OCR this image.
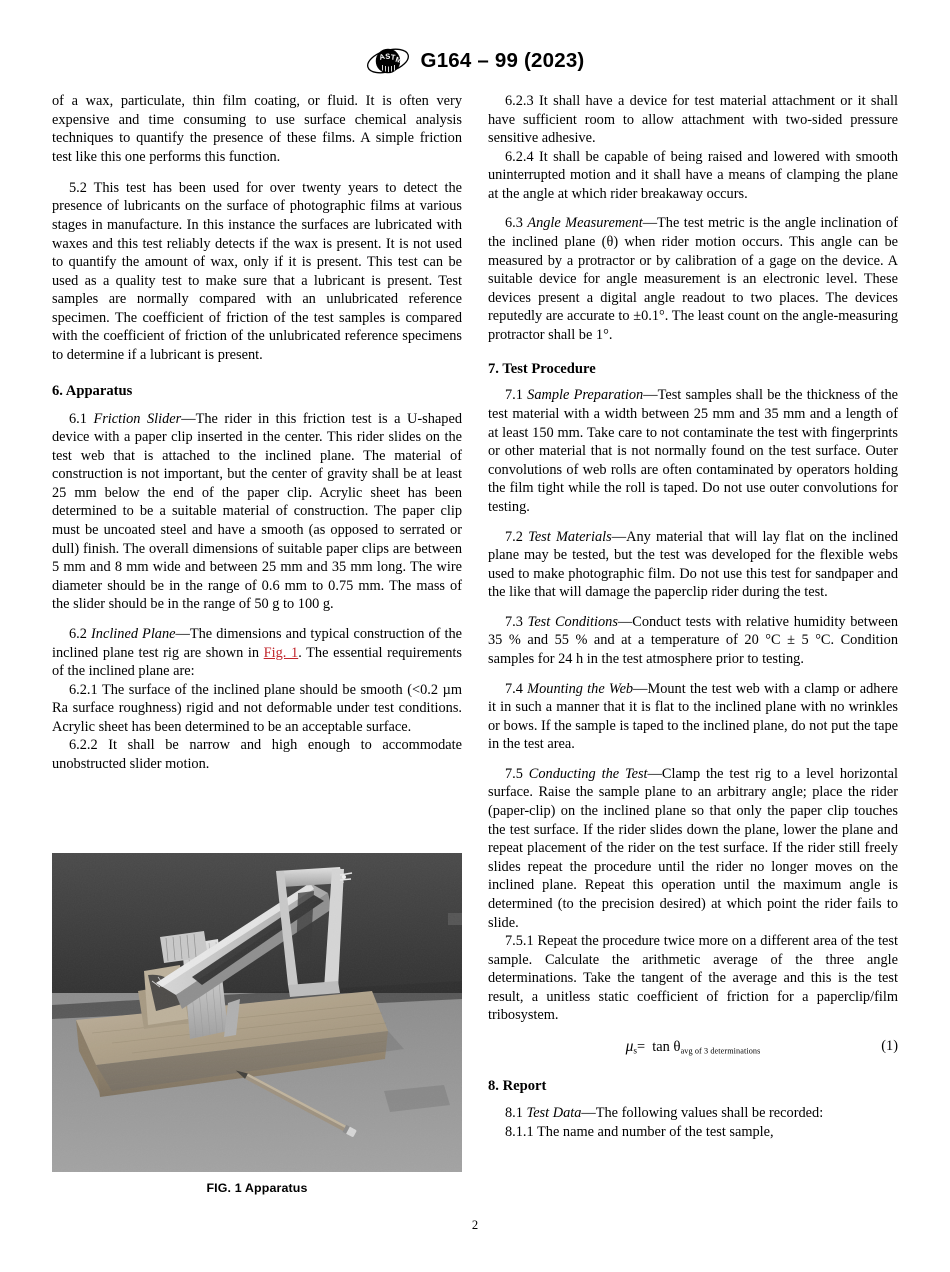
A S T
M G164 – 99 (2023)

of a wax, particulate, thin film coating, or fluid. It is often very expensive and time consuming to use surface chemical analysis techniques to quantify the presence of these films. A simple friction test like this one performs this function.

5.2 This test has been used for over twenty years to detect the presence of lubricants on the surface of photographic films at various stages in manufacture. In this instance the surfaces are lubricated with waxes and this test reliably detects if the wax is present. It is not used to quantify the amount of wax, only if it is present. This test can be used as a quality test to make sure that a lubricant is present. Test samples are normally compared with an unlubricated reference specimen. The coefficient of friction of the test samples is compared with the coefficient of friction of the unlubricated reference specimens to determine if a lubricant is present.

6. Apparatus

6.1 Friction Slider—The rider in this friction test is a U-shaped device with a paper clip inserted in the center. This rider slides on the test web that is attached to the inclined plane. The material of construction is not important, but the center of gravity shall be at least 25 mm below the end of the paper clip. Acrylic sheet has been determined to be a suitable material of construction. The paper clip must be uncoated steel and have a smooth (as opposed to serrated or dull) finish. The overall dimensions of suitable paper clips are between 5 mm and 8 mm wide and between 25 mm and 35 mm long. The wire diameter should be in the range of 0.6 mm to 0.75 mm. The mass of the slider should be in the range of 50 g to 100 g.

6.2 Inclined Plane—The dimensions and typical construction of the inclined plane test rig are shown in Fig. 1. The essential requirements of the inclined plane are:

6.2.1 The surface of the inclined plane should be smooth (<0.2 µm Ra surface roughness) rigid and not deformable under test conditions. Acrylic sheet has been determined to be an acceptable surface.

6.2.2 It shall be narrow and high enough to accommodate unobstructed slider motion.

6.2.3 It shall have a device for test material attachment or it shall have sufficient room to allow attachment with two-sided pressure sensitive adhesive.

6.2.4 It shall be capable of being raised and lowered with smooth uninterrupted motion and it shall have a means of clamping the plane at the angle at which rider breakaway occurs.

6.3 Angle Measurement—The test metric is the angle inclination of the inclined plane (θ) when rider motion occurs. This angle can be measured by a protractor or by calibration of a gage on the device. A suitable device for angle measurement is an electronic level. These devices present a digital angle readout to two places. The devices reputedly are accurate to ±0.1°. The least count on the angle-measuring protractor shall be 1°.

7. Test Procedure

7.1 Sample Preparation—Test samples shall be the thickness of the test material with a width between 25 mm and 35 mm and a length of at least 150 mm. Take care to not contaminate the test with fingerprints or other material that is not normally found on the test surface. Outer convolutions of web rolls are often contaminated by operators holding the film tight while the roll is taped. Do not use outer convolutions for testing.

7.2 Test Materials—Any material that will lay flat on the inclined plane may be tested, but the test was developed for the flexible webs used to make photographic film. Do not use this test for sandpaper and the like that will damage the paperclip rider during the test.

7.3 Test Conditions—Conduct tests with relative humidity between 35 % and 55 % and at a temperature of 20 °C ± 5 °C. Condition samples for 24 h in the test atmosphere prior to testing.

7.4 Mounting the Web—Mount the test web with a clamp or adhere it in such a manner that it is flat to the inclined plane with no wrinkles or bows. If the sample is taped to the inclined plane, do not put the tape in the test area.

7.5 Conducting the Test—Clamp the test rig to a level horizontal surface. Raise the sample plane to an arbitrary angle; place the rider (paper-clip) on the inclined plane so that only the paper clip touches the test surface. If the rider slides down the plane, lower the plane and repeat placement of the rider on the test surface. If the rider still freely slides repeat the procedure until the rider no longer moves on the inclined plane. Repeat this operation until the maximum angle is determined (to the precision desired) at which point the rider fails to slide.

7.5.1 Repeat the procedure twice more on a different area of the test sample. Calculate the arithmetic average of the three angle determinations. Take the tangent of the average and this is the test result, a unitless static coefficient of friction for a paperclip/film tribosystem.

$\mu_s= \tan \theta avg$ of 3 determinations	(1)

8. Report

8.1 Test Data—The following values shall be recorded:

8.1.1 The name and number of the test sample,

FIG. 1 Apparatus
2
